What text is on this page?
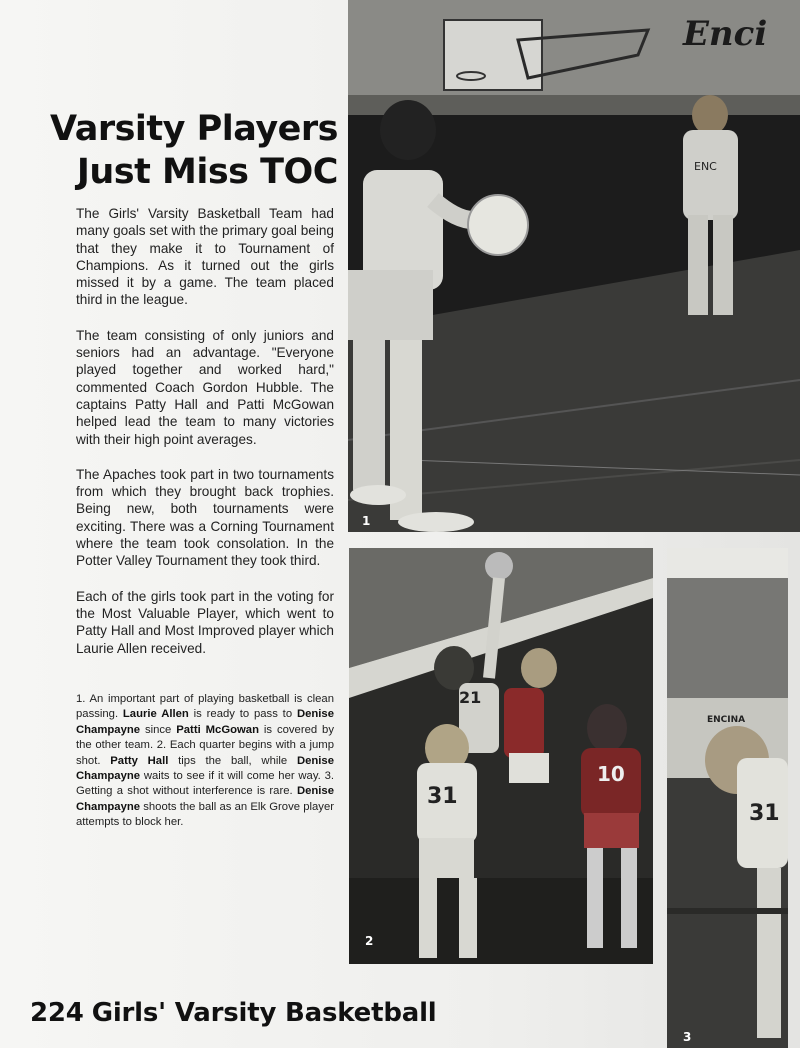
Varsity Players
Just Miss TOC

The Girls' Varsity Basketball Team had many goals set with the primary goal being that they make it to Tournament of Champions. As it turned out the girls missed it by a game. The team placed third in the league.

The team consisting of only juniors and seniors had an advantage. "Everyone played together and worked hard," commented Coach Gordon Hubble. The captains Patty Hall and Patti McGowan helped lead the team to many victories with their high point averages.

The Apaches took part in two tournaments from which they brought back trophies. Being new, both tournaments were exciting. There was a Corning Tournament where the team took consolation. In the Potter Valley Tournament they took third.

Each of the girls took part in the voting for the Most Valuable Player, which went to Patty Hall and Most Improved player which Laurie Allen received.

1. An important part of playing basketball is clean passing. Laurie Allen is ready to pass to Denise Champayne since Patti McGowan is covered by the other team. 2. Each quarter begins with a jump shot. Patty Hall tips the ball, while Denise Champayne waits to see if it will come her way. 3. Getting a shot without interference is rare. Denise Champayne shoots the ball as an Elk Grove player attempts to block her.
Enci
ENC
1
31
10
21
2
ENCINA
31
3
224 Girls' Varsity Basketball
